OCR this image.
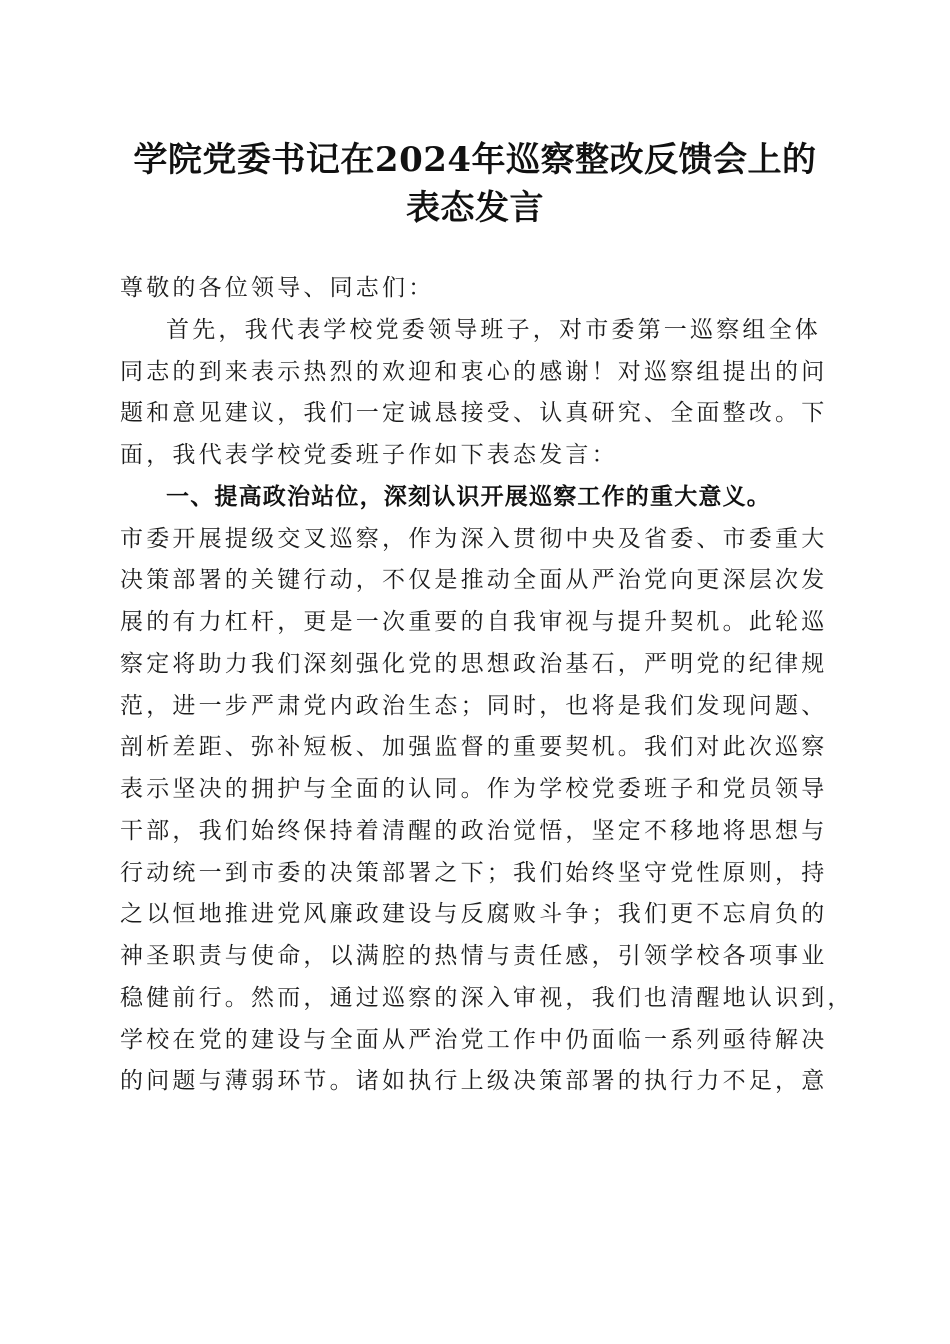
学院党委书记在2024年巡察整改反馈会上的
表态发言
尊敬的各位领导、同志们：
首先，我代表学校党委领导班子，对市委第一巡察组全体
同志的到来表示热烈的欢迎和衷心的感谢！对巡察组提出的问
题和意见建议，我们一定诚恳接受、认真研究、全面整改。下
面，我代表学校党委班子作如下表态发言：
一、提高政治站位，深刻认识开展巡察工作的重大意义。
市委开展提级交叉巡察，作为深入贯彻中央及省委、市委重大
决策部署的关键行动，不仅是推动全面从严治党向更深层次发
展的有力杠杆，更是一次重要的自我审视与提升契机。此轮巡
察定将助力我们深刻强化党的思想政治基石，严明党的纪律规
范，进一步严肃党内政治生态；同时，也将是我们发现问题、
剖析差距、弥补短板、加强监督的重要契机。我们对此次巡察
表示坚决的拥护与全面的认同。作为学校党委班子和党员领导
干部，我们始终保持着清醒的政治觉悟，坚定不移地将思想与
行动统一到市委的决策部署之下；我们始终坚守党性原则，持
之以恒地推进党风廉政建设与反腐败斗争；我们更不忘肩负的
神圣职责与使命，以满腔的热情与责任感，引领学校各项事业
稳健前行。然而，通过巡察的深入审视，我们也清醒地认识到，
学校在党的建设与全面从严治党工作中仍面临一系列亟待解决
的问题与薄弱环节。诸如执行上级决策部署的执行力不足，意
